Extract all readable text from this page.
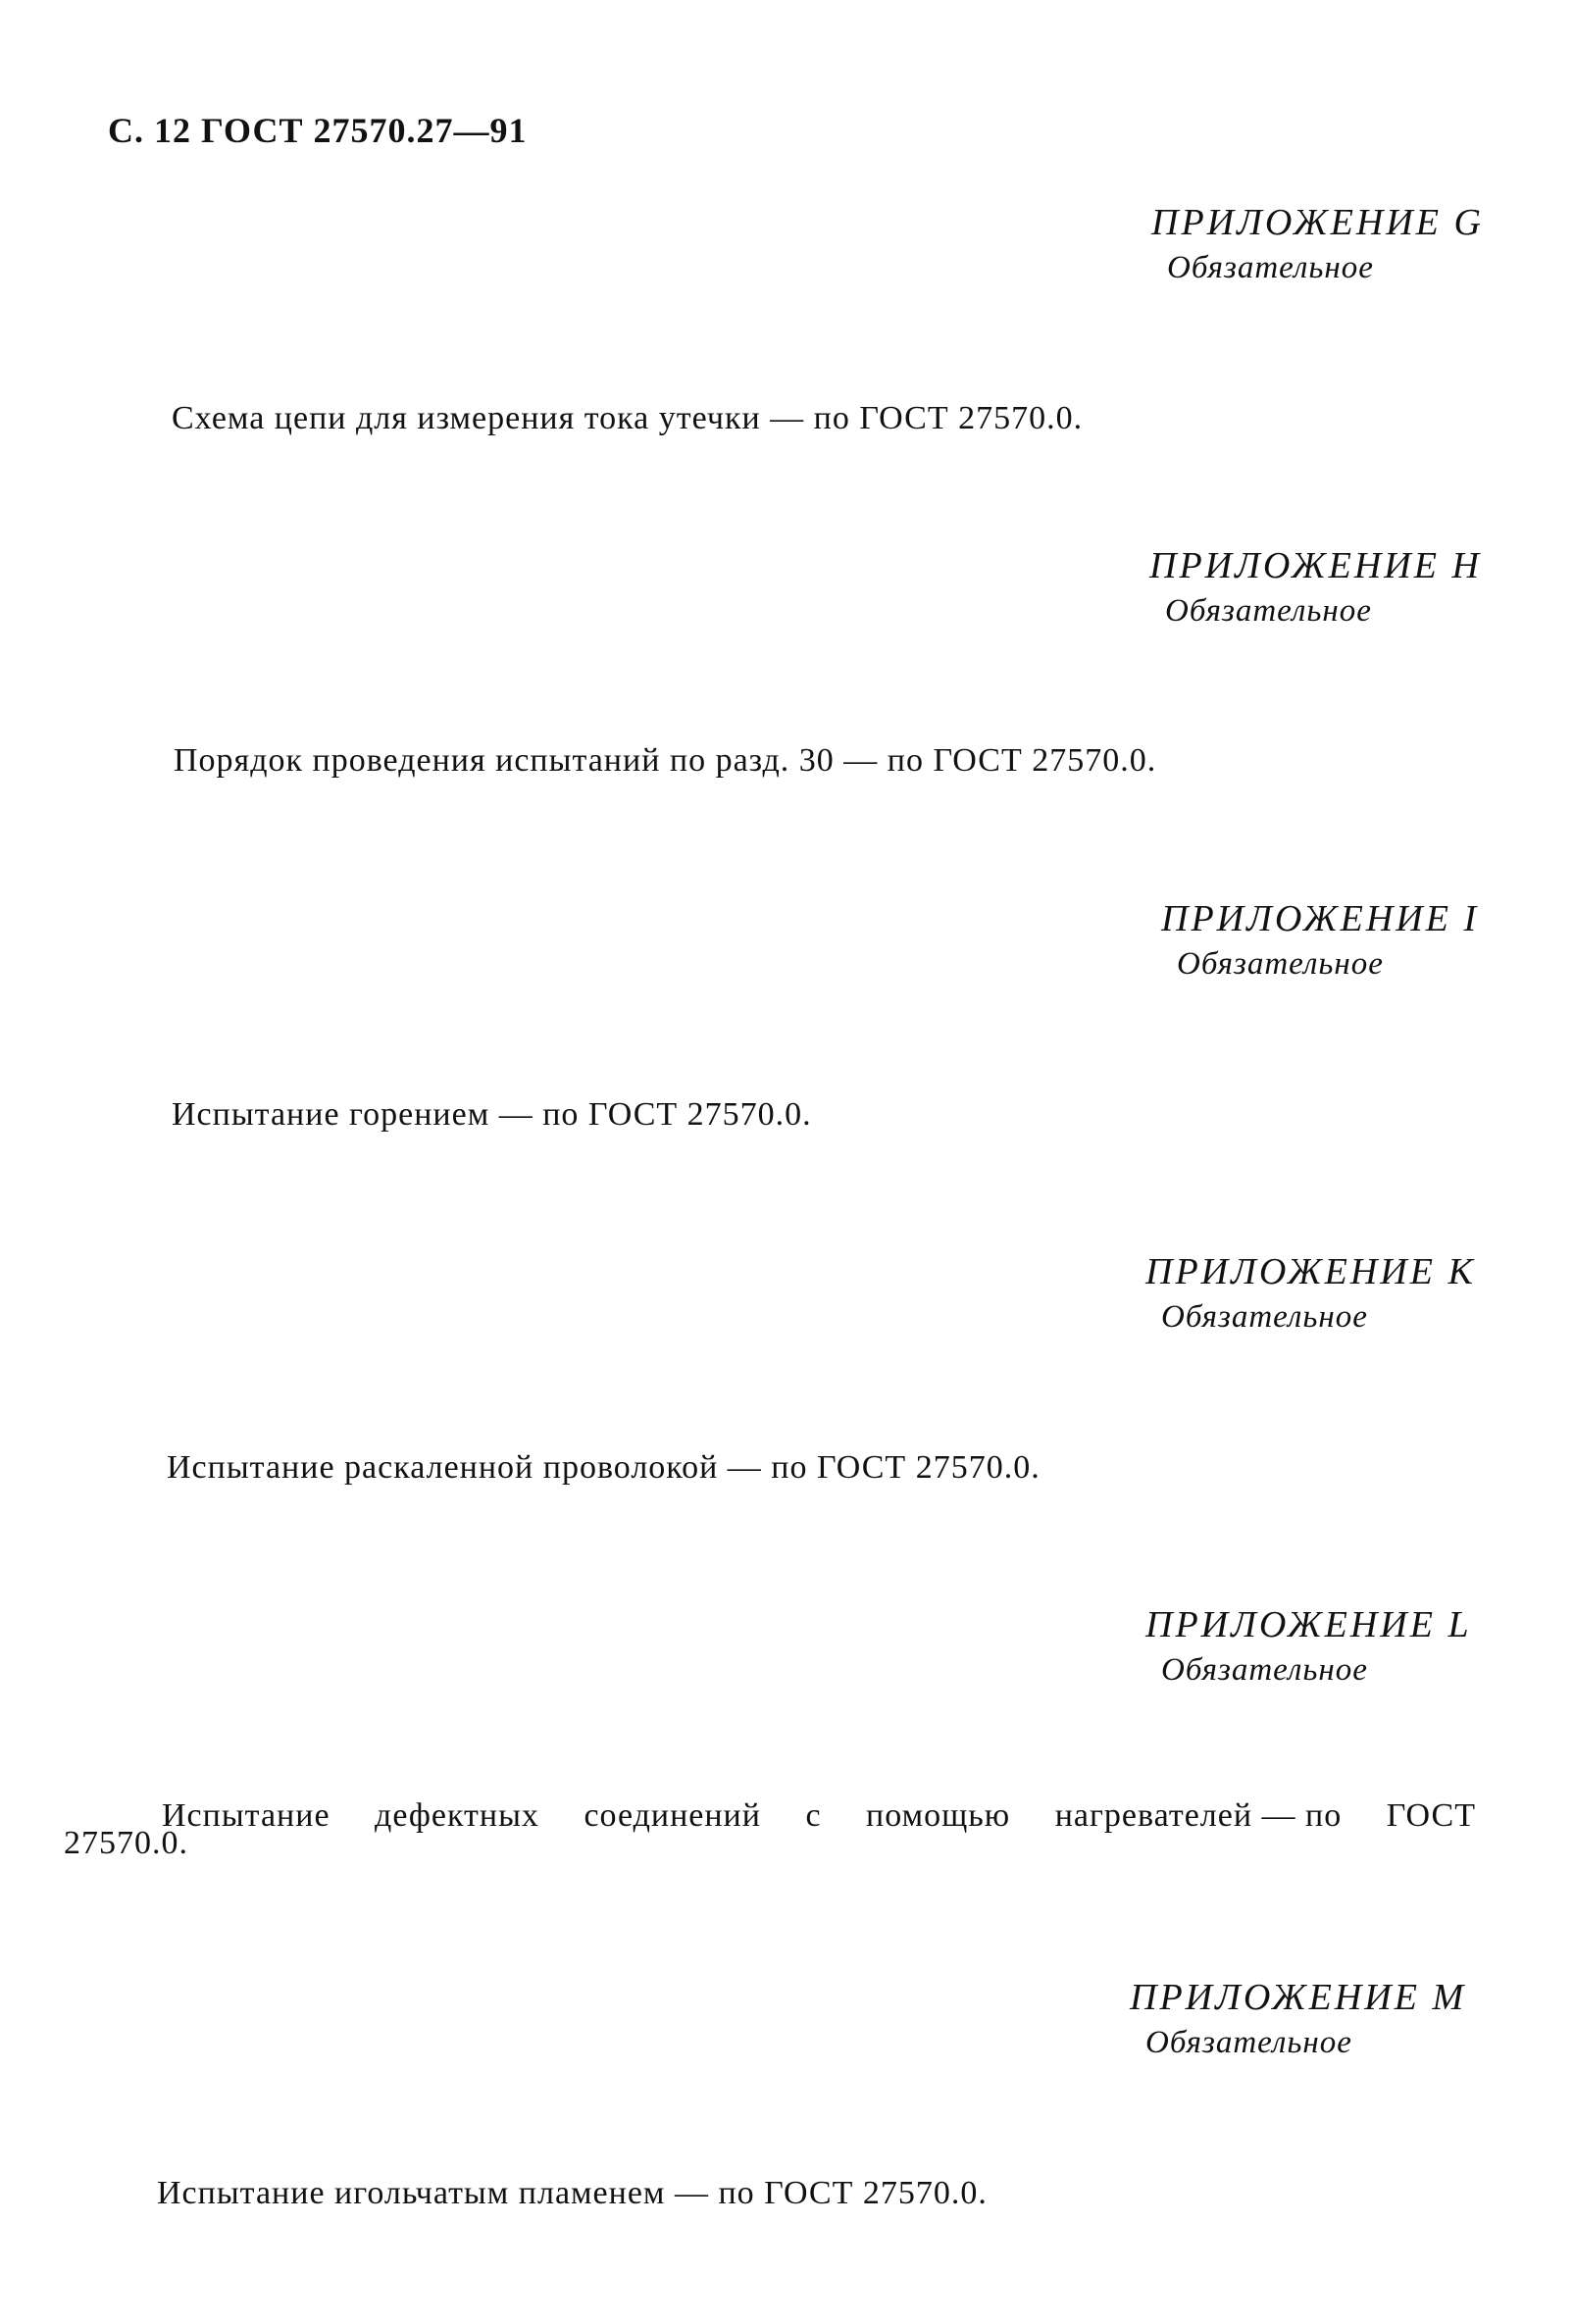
С. 12 ГОСТ 27570.27—91
ПРИЛОЖЕНИЕ G
Обязательное
Схема цепи для измерения тока утечки — по ГОСТ 27570.0.
ПРИЛОЖЕНИЕ H
Обязательное
Порядок проведения испытаний по разд. 30 — по ГОСТ 27570.0.
ПРИЛОЖЕНИЕ I
Обязательное
Испытание горением — по ГОСТ 27570.0.
ПРИЛОЖЕНИЕ K
Обязательное
Испытание раскаленной проволокой — по ГОСТ 27570.0.
ПРИЛОЖЕНИЕ L
Обязательное
Испытание дефектных соединений с помощью нагревателей — по ГОСТ
27570.0.
ПРИЛОЖЕНИЕ M
Обязательное
Испытание игольчатым пламенем — по ГОСТ 27570.0.
